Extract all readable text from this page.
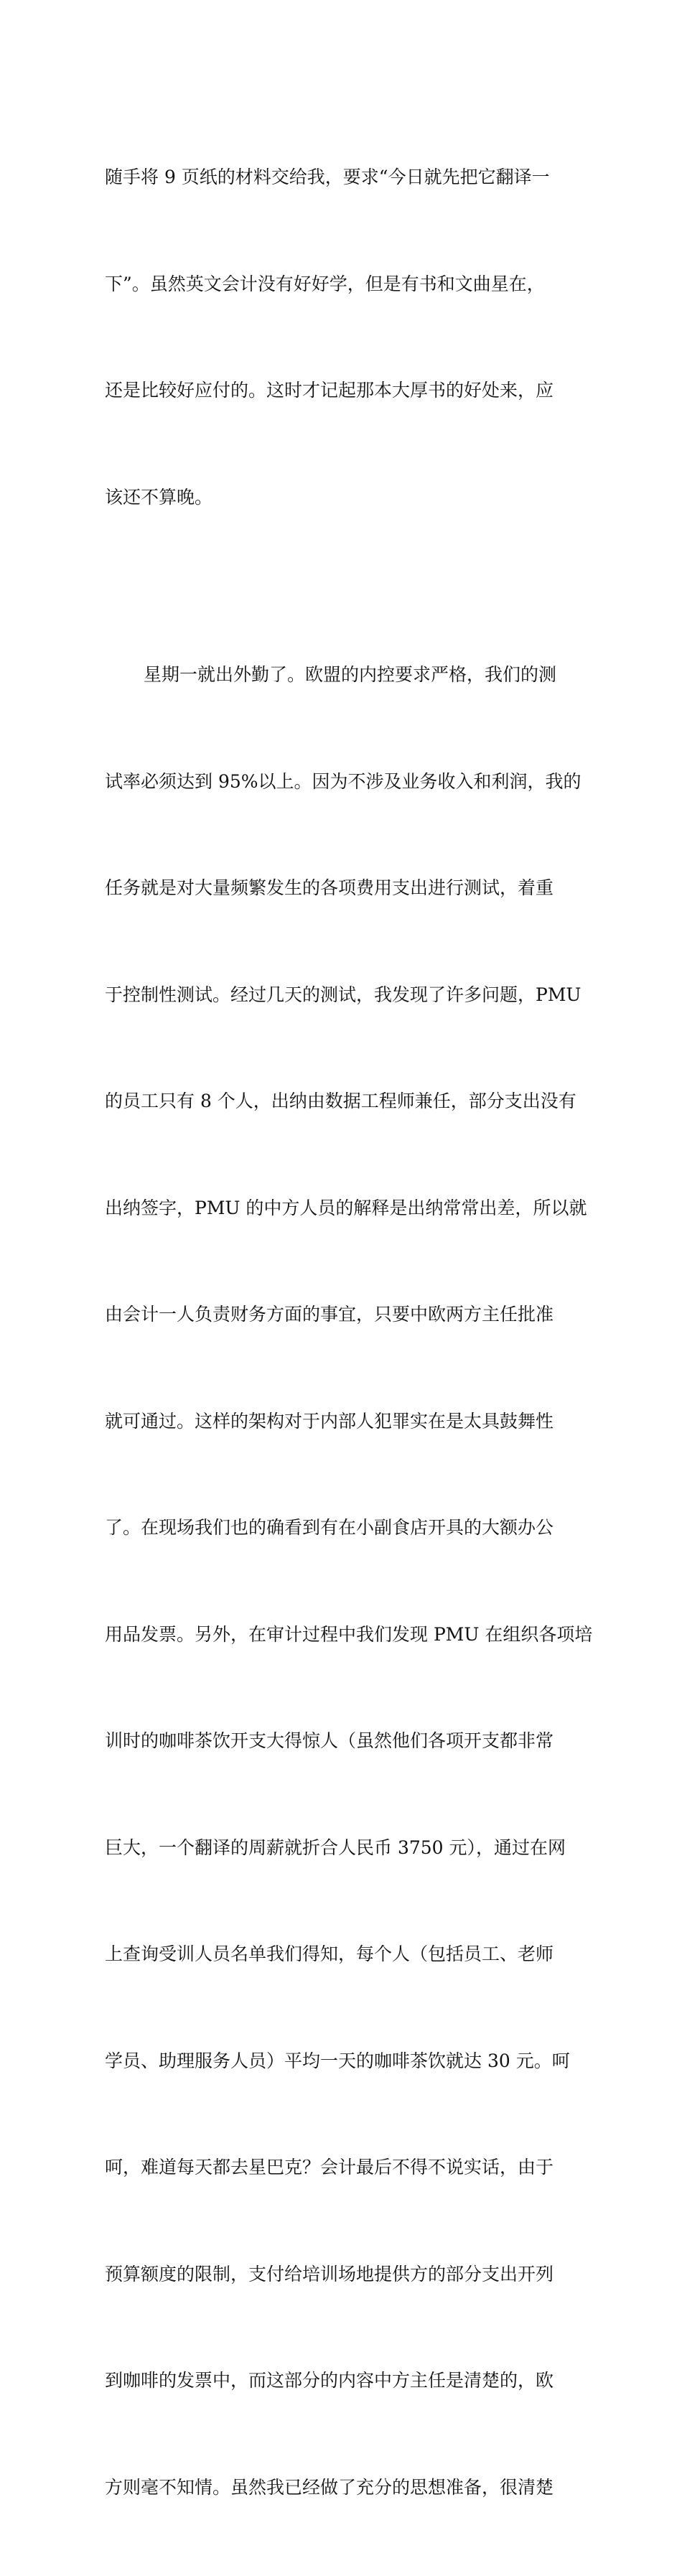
随手将 9 页纸的材料交给我，要求“今日就先把它翻译一

下”。虽然英文会计没有好好学，但是有书和文曲星在，

还是比较好应付的。这时才记起那本大厚书的好处来，应

该还不算晚。

星期一就出外勤了。欧盟的内控要求严格，我们的测

试率必须达到 95%以上。因为不涉及业务收入和利润，我的

任务就是对大量频繁发生的各项费用支出进行测试，着重

于控制性测试。经过几天的测试，我发现了许多问题，PMU

的员工只有 8 个人，出纳由数据工程师兼任，部分支出没有

出纳签字，PMU 的中方人员的解释是出纳常常出差，所以就

由会计一人负责财务方面的事宜，只要中欧两方主任批准

就可通过。这样的架构对于内部人犯罪实在是太具鼓舞性

了。在现场我们也的确看到有在小副食店开具的大额办公

用品发票。另外，在审计过程中我们发现 PMU 在组织各项培

训时的咖啡茶饮开支大得惊人（虽然他们各项开支都非常

巨大，一个翻译的周薪就折合人民币 3750 元），通过在网

上查询受训人员名单我们得知，每个人（包括员工、老师

学员、助理服务人员）平均一天的咖啡茶饮就达 30 元。呵

呵，难道每天都去星巴克？会计最后不得不说实话，由于

预算额度的限制，支付给培训场地提供方的部分支出开列

到咖啡的发票中，而这部分的内容中方主任是清楚的，欧

方则毫不知情。虽然我已经做了充分的思想准备，很清楚
